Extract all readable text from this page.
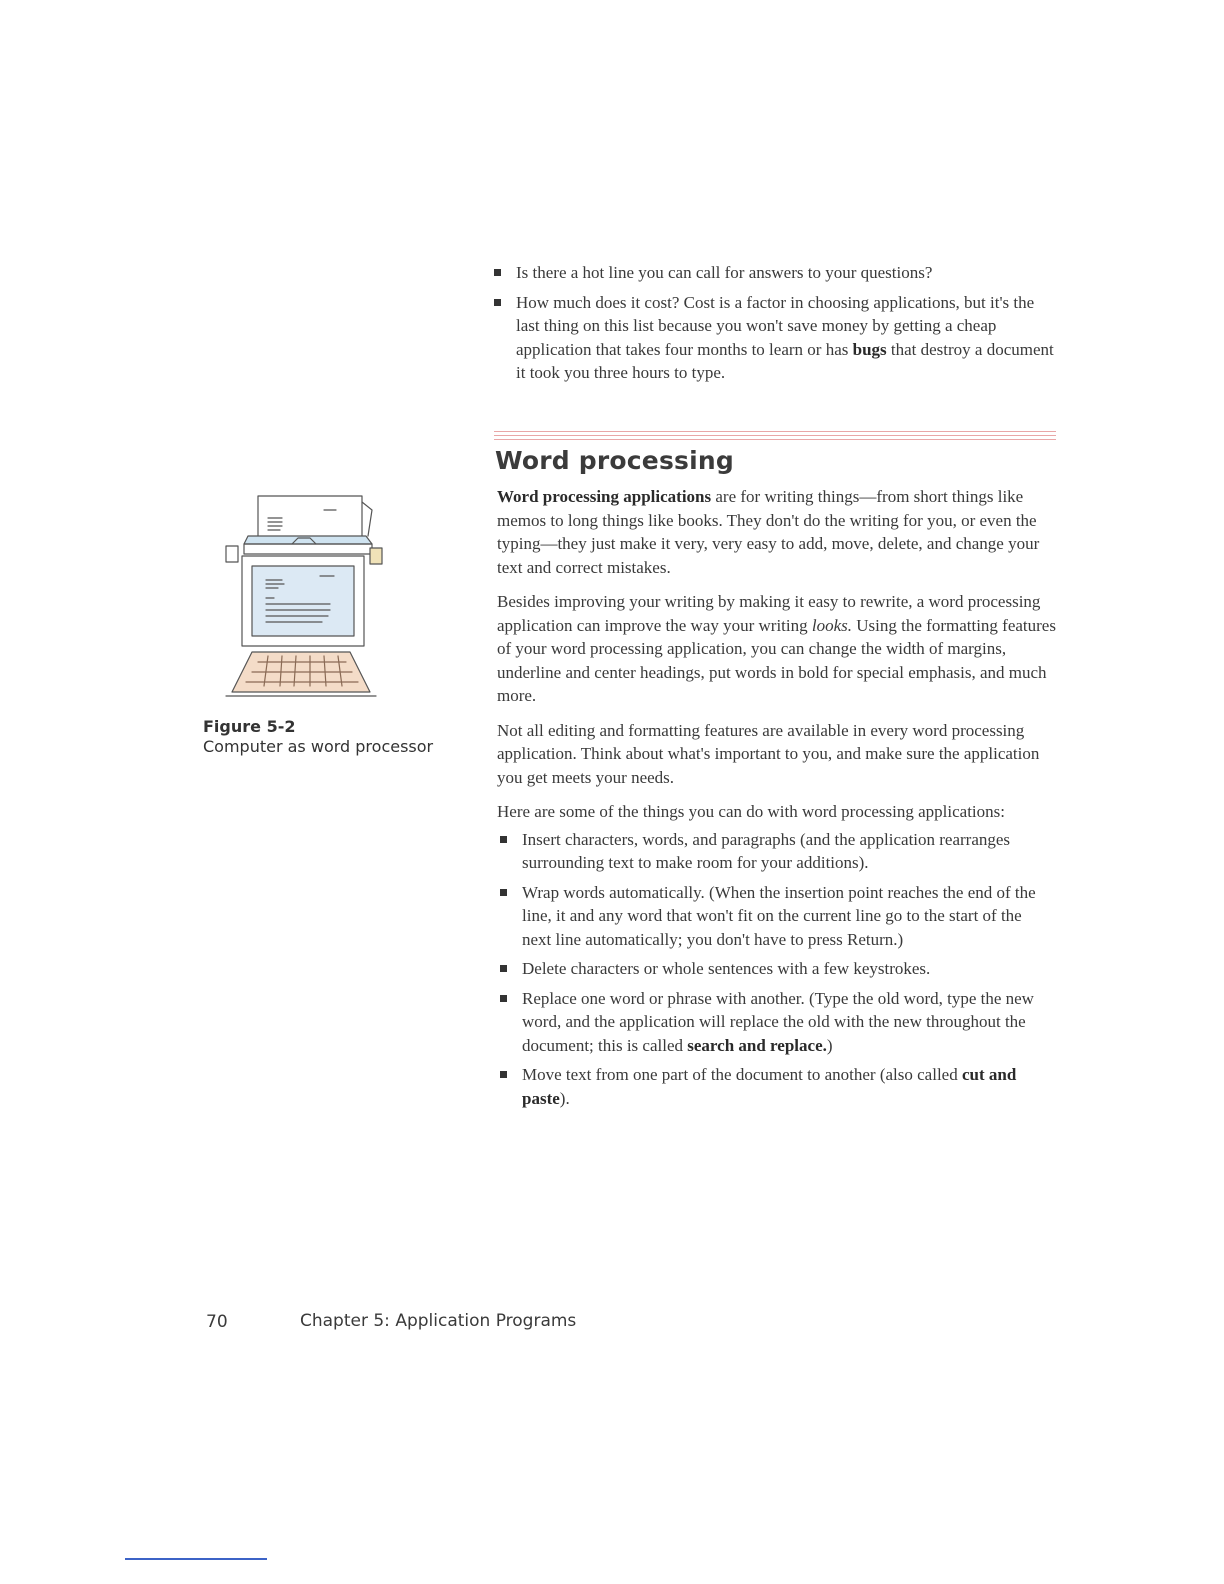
Is there a hot line you can call for answers to your questions?
How much does it cost? Cost is a factor in choosing applications, but it's the last thing on this list because you won't save money by getting a cheap application that takes four months to learn or has bugs that destroy a document it took you three hours to type.
Word processing

Word processing applications are for writing things—from short things like memos to long things like books. They don't do the writing for you, or even the typing—they just make it very, very easy to add, move, delete, and change your text and correct mistakes.

Besides improving your writing by making it easy to rewrite, a word processing application can improve the way your writing looks. Using the formatting features of your word processing application, you can change the width of margins, underline and center headings, put words in bold for special emphasis, and much more.

Not all editing and formatting features are available in every word processing application. Think about what's important to you, and make sure the application you get meets your needs.

Here are some of the things you can do with word processing applications:

Insert characters, words, and paragraphs (and the application rearranges surrounding text to make room for your additions).
Wrap words automatically. (When the insertion point reaches the end of the line, it and any word that won't fit on the current line go to the start of the next line automatically; you don't have to press Return.)
Delete characters or whole sentences with a few keystrokes.
Replace one word or phrase with another. (Type the old word, type the new word, and the application will replace the old with the new throughout the document; this is called search and replace.)
Move text from one part of the document to another (also called cut and paste).
Figure 5-2
Computer as word processor
70	Chapter 5: Application Programs
